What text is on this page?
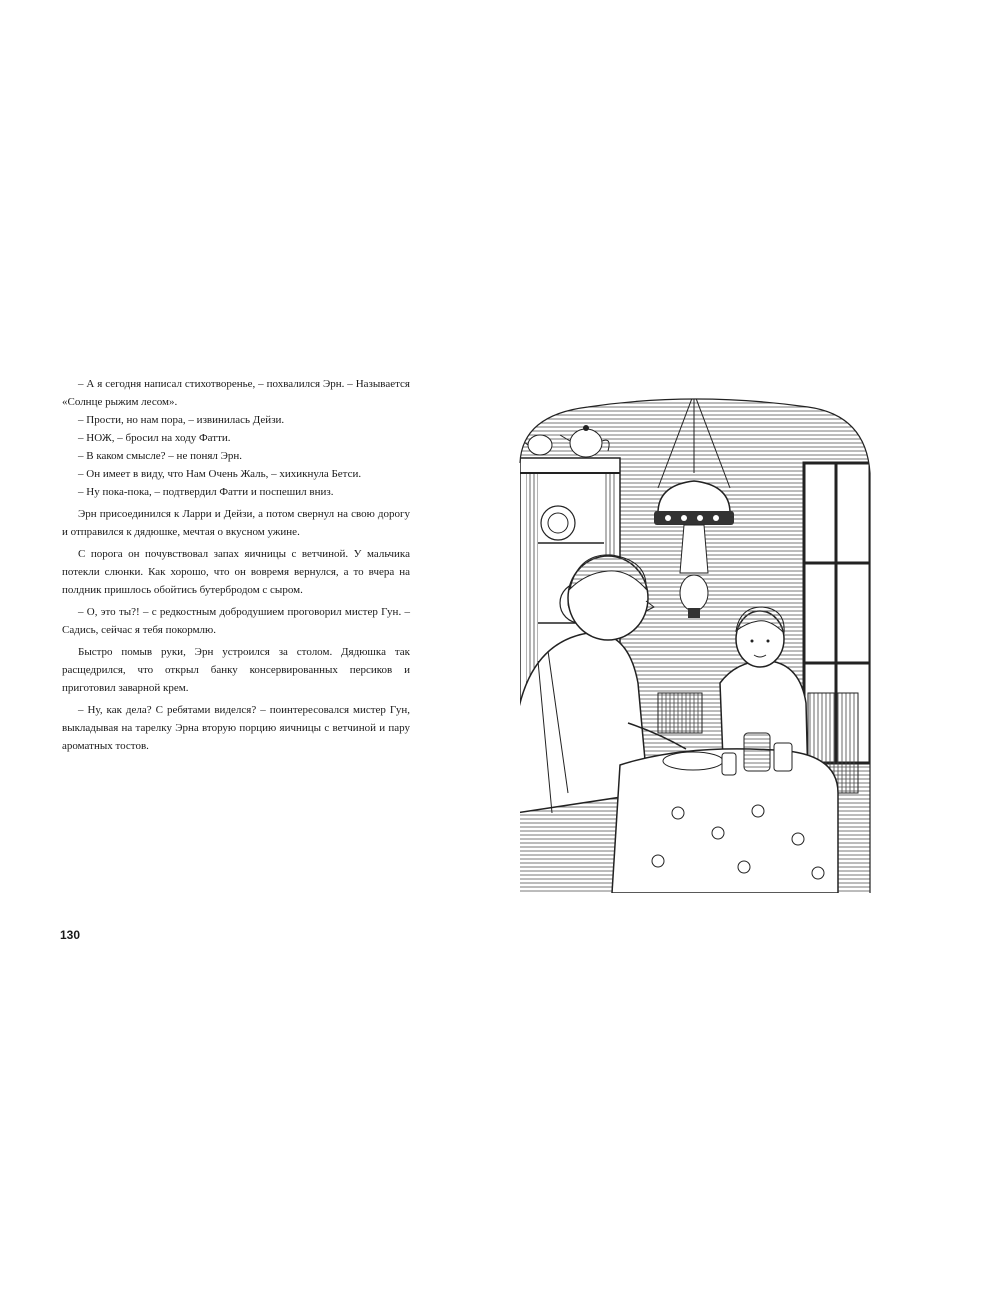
– А я сегодня написал стихотворенье, – похвалился Эрн. – Называется «Солнце рыжим лесом».

– Прости, но нам пора, – извинилась Дейзи.

– НОЖ, – бросил на ходу Фатти.

– В каком смысле? – не понял Эрн.

– Он имеет в виду, что Нам Очень Жаль, – хихикнула Бетси.

– Ну пока-пока, – подтвердил Фатти и поспешил вниз.

Эрн присоединился к Ларри и Дейзи, а потом свернул на свою дорогу и отправился к дядюшке, мечтая о вкусном ужине.

С порога он почувствовал запах яичницы с ветчиной. У мальчика потекли слюнки. Как хорошо, что он вовремя вернулся, а то вчера на полдник пришлось обойтись бутербродом с сыром.

– О, это ты?! – с редкостным добродушием проговорил мистер Гун. – Садись, сейчас я тебя покормлю.

Быстро помыв руки, Эрн устроился за столом. Дядюшка так расщедрился, что открыл банку консервированных персиков и приготовил заварной крем.

– Ну, как дела? С ребятами виделся? – поинтересовался мистер Гун, выкладывая на тарелку Эрна вторую порцию яичницы с ветчиной и пару ароматных тостов.

130
